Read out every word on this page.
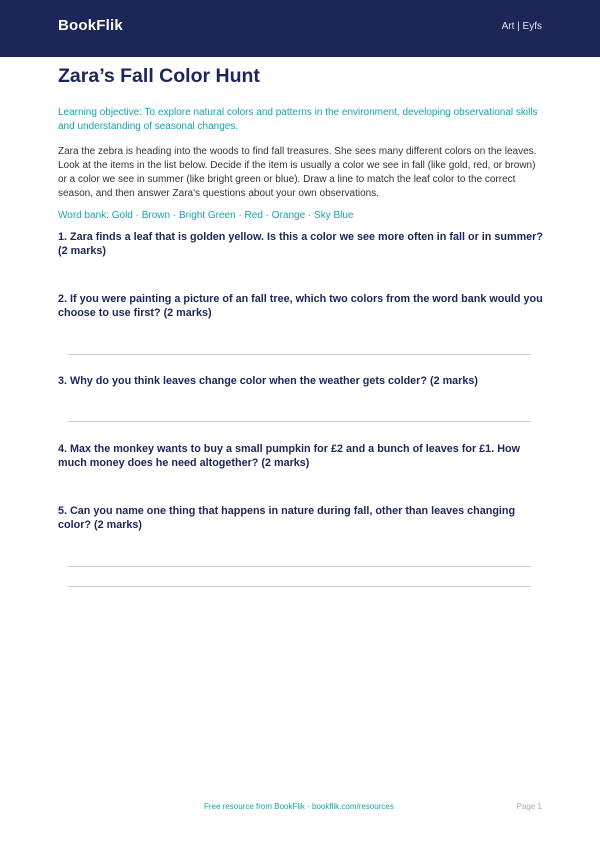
BookFlik	Art | Eyfs
Zara’s Fall Color Hunt
Learning objective: To explore natural colors and patterns in the environment, developing observational skills and understanding of seasonal changes.
Zara the zebra is heading into the woods to find fall treasures. She sees many different colors on the leaves. Look at the items in the list below. Decide if the item is usually a color we see in fall (like gold, red, or brown) or a color we see in summer (like bright green or blue). Draw a line to match the leaf color to the correct season, and then answer Zara's questions about your own observations.
Word bank: Gold · Brown · Bright Green · Red · Orange · Sky Blue
1. Zara finds a leaf that is golden yellow. Is this a color we see more often in fall or in summer? (2 marks)
2. If you were painting a picture of an fall tree, which two colors from the word bank would you choose to use first? (2 marks)
3. Why do you think leaves change color when the weather gets colder? (2 marks)
4. Max the monkey wants to buy a small pumpkin for £2 and a bunch of leaves for £1. How much money does he need altogether? (2 marks)
5. Can you name one thing that happens in nature during fall, other than leaves changing color? (2 marks)
Free resource from BookFlik · bookflik.com/resources	Page 1
